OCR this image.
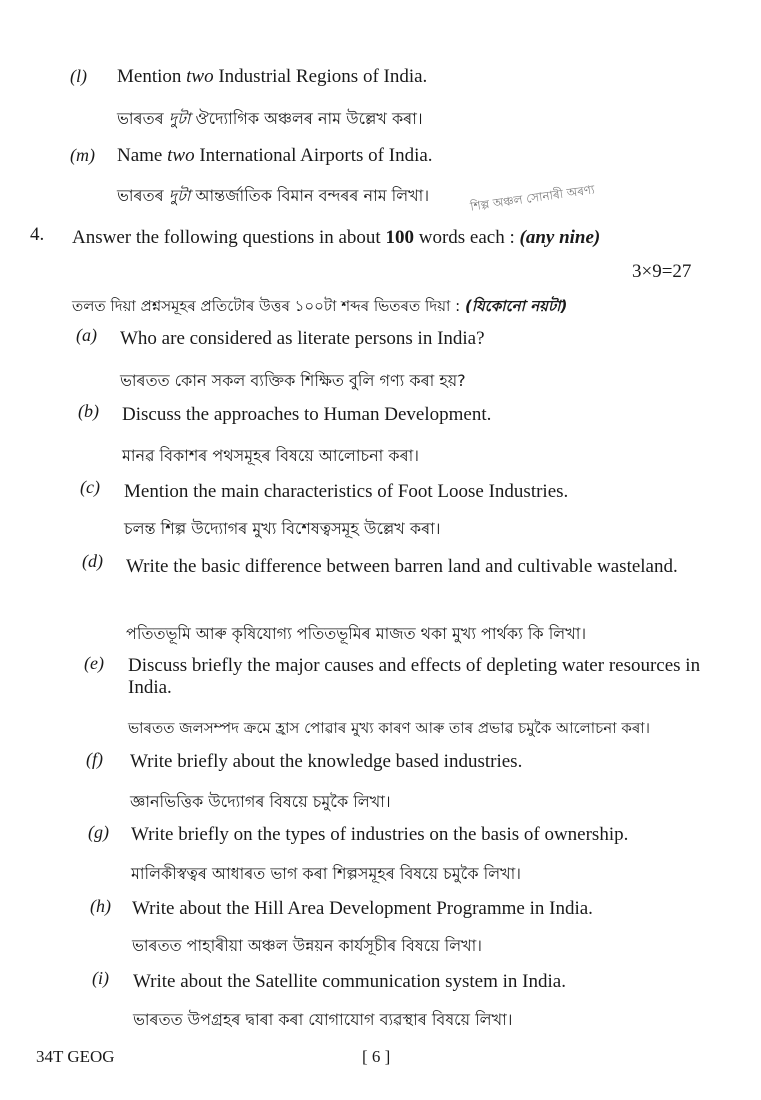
(l) Mention two Industrial Regions of India.
ভাৰতৰ দুটা ঔদ্যোগিক অঞ্চলৰ নাম উল্লেখ কৰা।
(m) Name two International Airports of India.
ভাৰতৰ দুটা আন্তৰ্জাতিক বিমান বন্দৰৰ নাম লিখা।	শিল্প অঞ্চল সোনাৰী অৰণ্য
4. Answer the following questions in about 100 words each : (any nine)
3×9=27
তলত দিয়া প্ৰশ্নসমূহৰ প্ৰতিটোৰ উত্তৰ ১০০টা শব্দৰ ভিতৰত দিয়া : (যিকোনো নয়টা)
(a) Who are considered as literate persons in India?
ভাৰতত কোন সকল ব্যক্তিক শিক্ষিত বুলি গণ্য কৰা হয়?
(b) Discuss the approaches to Human Development.
মানৱ বিকাশৰ পথসমূহৰ বিষয়ে আলোচনা কৰা।
(c) Mention the main characteristics of Foot Loose Industries.
চলন্ত শিল্প উদ্যোগৰ মুখ্য বিশেষত্বসমূহ উল্লেখ কৰা।
(d) Write the basic difference between barren land and cultivable wasteland.
পতিতভূমি আৰু কৃষিযোগ্য পতিতভূমিৰ মাজত থকা মুখ্য পাৰ্থক্য কি লিখা।
(e) Discuss briefly the major causes and effects of depleting water resources in India.
ভাৰতত জলসম্পদ ক্ৰমে হ্ৰাস পোৱাৰ মুখ্য কাৰণ আৰু তাৰ প্ৰভাৱ চমুকৈ আলোচনা কৰা।
(f) Write briefly about the knowledge based industries.
জ্ঞানভিত্তিক উদ্যোগৰ বিষয়ে চমুকৈ লিখা।
(g) Write briefly on the types of industries on the basis of ownership.
মালিকীস্বত্বৰ আধাৰত ভাগ কৰা শিল্পসমূহৰ বিষয়ে চমুকৈ লিখা।
(h) Write about the Hill Area Development Programme in India.
ভাৰতত পাহাৰীয়া অঞ্চল উন্নয়ন কাৰ্যসূচীৰ বিষয়ে লিখা।
(i) Write about the Satellite communication system in India.
ভাৰতত উপগ্ৰহৰ দ্বাৰা কৰা যোগাযোগ ব্যৱস্থাৰ বিষয়ে লিখা।
34T GEOG	[ 6 ]
